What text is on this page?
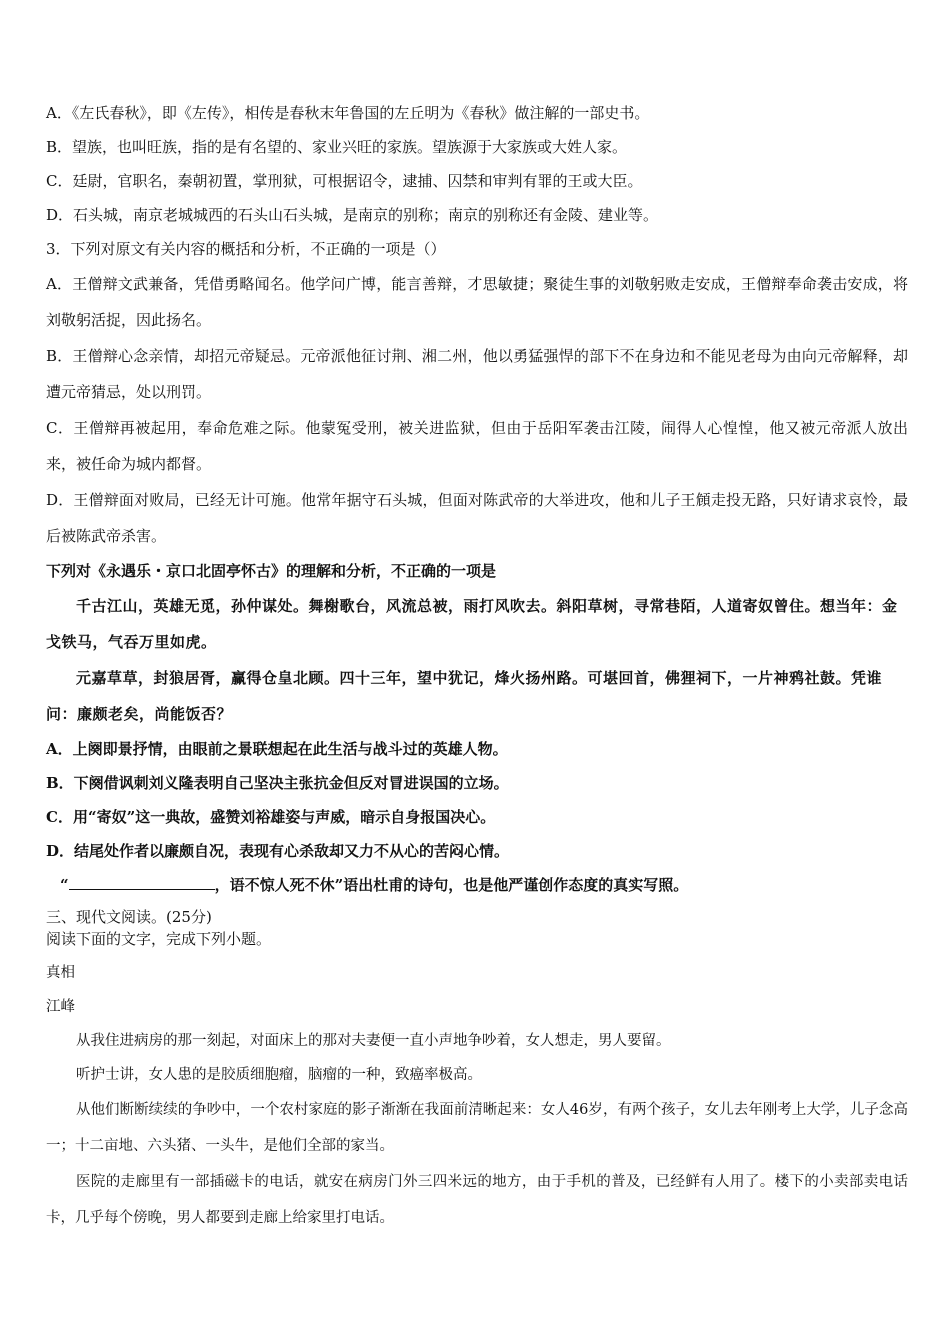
A．《左氏春秋》，即《左传》，相传是春秋末年鲁国的左丘明为《春秋》做注解的一部史书。

B．望族，也叫旺族，指的是有名望的、家业兴旺的家族。望族源于大家族或大姓人家。

C．廷尉，官职名，秦朝初置，掌刑狱，可根据诏令，逮捕、囚禁和审判有罪的王或大臣。

D．石头城，南京老城城西的石头山石头城，是南京的别称；南京的别称还有金陵、建业等。

3．下列对原文有关内容的概括和分析，不正确的一项是（）

A．王僧辩文武兼备，凭借勇略闻名。他学问广博，能言善辩，才思敏捷；聚徒生事的刘敬躬败走安成，王僧辩奉命袭击安成，将刘敬躬活捉，因此扬名。

B．王僧辩心念亲情，却招元帝疑忌。元帝派他征讨荆、湘二州，他以勇猛强悍的部下不在身边和不能见老母为由向元帝解释，却遭元帝猜忌，处以刑罚。

C．王僧辩再被起用，奉命危难之际。他蒙冤受刑，被关进监狱，但由于岳阳军袭击江陵，闹得人心惶惶，他又被元帝派人放出来，被任命为城内都督。

D．王僧辩面对败局，已经无计可施。他常年据守石头城，但面对陈武帝的大举进攻，他和儿子王頠走投无路，只好请求哀怜，最后被陈武帝杀害。

下列对《永遇乐・京口北固亭怀古》的理解和分析，不正确的一项是

千古江山，英雄无觅，孙仲谋处。舞榭歌台，风流总被，雨打风吹去。斜阳草树，寻常巷陌，人道寄奴曾住。想当年：金戈铁马，气吞万里如虎。

元嘉草草，封狼居胥，赢得仓皇北顾。四十三年，望中犹记，烽火扬州路。可堪回首，佛狸祠下，一片神鸦社鼓。凭谁问：廉颇老矣，尚能饭否？

A．上阕即景抒情，由眼前之景联想起在此生活与战斗过的英雄人物。

B．下阕借讽刺刘义隆表明自己坚决主张抗金但反对冒进误国的立场。

C．用“寄奴”这一典故，盛赞刘裕雄姿与声威，暗示自身报国决心。

D．结尾处作者以廉颇自况，表现有心杀敌却又力不从心的苦闷心情。

“	，语不惊人死不休”语出杜甫的诗句，也是他严谨创作态度的真实写照。

三、现代文阅读。(25分)

阅读下面的文字，完成下列小题。

真相

江峰

从我住进病房的那一刻起，对面床上的那对夫妻便一直小声地争吵着，女人想走，男人要留。

听护士讲，女人患的是胶质细胞瘤，脑瘤的一种，致癌率极高。

从他们断断续续的争吵中，一个农村家庭的影子渐渐在我面前清晰起来：女人46岁，有两个孩子，女儿去年刚考上大学，儿子念高一；十二亩地、六头猪、一头牛，是他们全部的家当。

医院的走廊里有一部插磁卡的电话，就安在病房门外三四米远的地方，由于手机的普及，已经鲜有人用了。楼下的小卖部卖电话卡，几乎每个傍晚，男人都要到走廊上给家里打电话。
